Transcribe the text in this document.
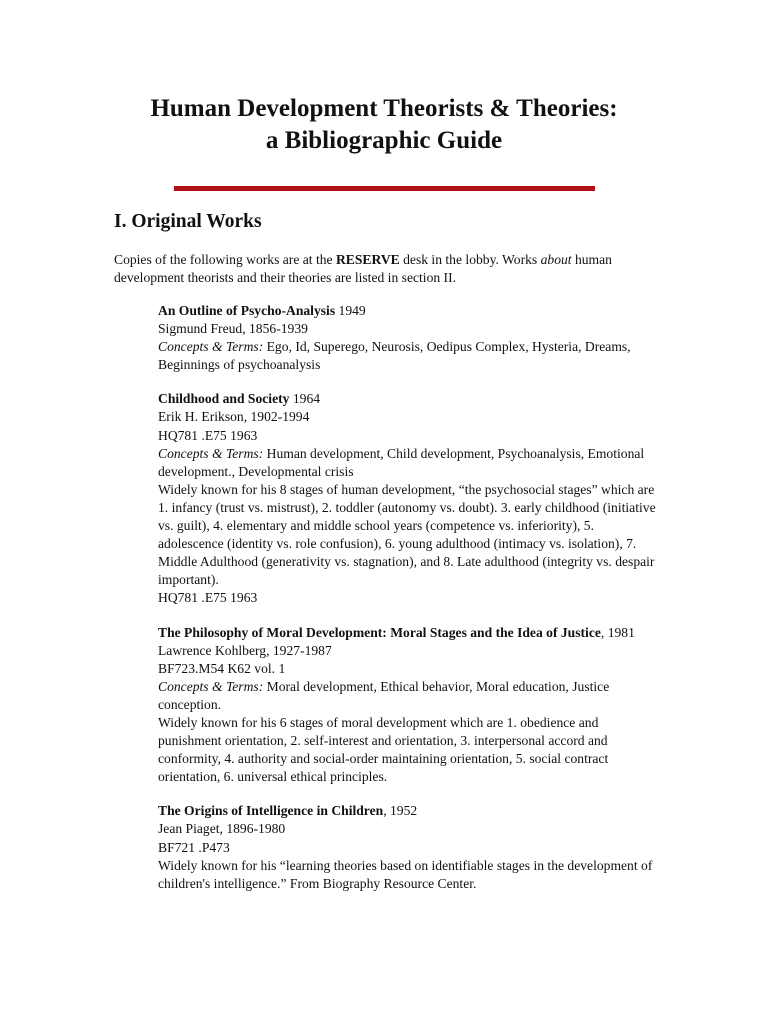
Human Development Theorists & Theories:
a Bibliographic Guide
I. Original Works

Copies of the following works are at the RESERVE desk in the lobby. Works about human development theorists and their theories are listed in section II.

An Outline of Psycho-Analysis 1949

Sigmund Freud, 1856-1939

Concepts & Terms: Ego, Id, Superego, Neurosis, Oedipus Complex, Hysteria, Dreams, Beginnings of psychoanalysis

Childhood and Society 1964

Erik H. Erikson, 1902-1994

HQ781 .E75 1963

Concepts & Terms: Human development, Child development, Psychoanalysis, Emotional development., Developmental crisis

Widely known for his 8 stages of human development, “the psychosocial stages” which are 1. infancy (trust vs. mistrust), 2. toddler (autonomy vs. doubt). 3. early childhood (initiative vs. guilt), 4. elementary and middle school years (competence vs. inferiority), 5. adolescence (identity vs. role confusion), 6. young adulthood (intimacy vs. isolation), 7. Middle Adulthood (generativity vs. stagnation), and 8. Late adulthood (integrity vs. despair important).

HQ781 .E75 1963

The Philosophy of Moral Development: Moral Stages and the Idea of Justice, 1981

Lawrence Kohlberg, 1927-1987

BF723.M54 K62 vol. 1

Concepts & Terms: Moral development, Ethical behavior, Moral education, Justice conception.

Widely known for his 6 stages of moral development which are 1. obedience and punishment orientation, 2. self-interest and orientation, 3. interpersonal accord and conformity, 4. authority and social-order maintaining orientation, 5. social contract orientation, 6. universal ethical principles.

The Origins of Intelligence in Children, 1952

Jean Piaget, 1896-1980

BF721 .P473

Widely known for his “learning theories based on identifiable stages in the development of children's intelligence.” From Biography Resource Center.
